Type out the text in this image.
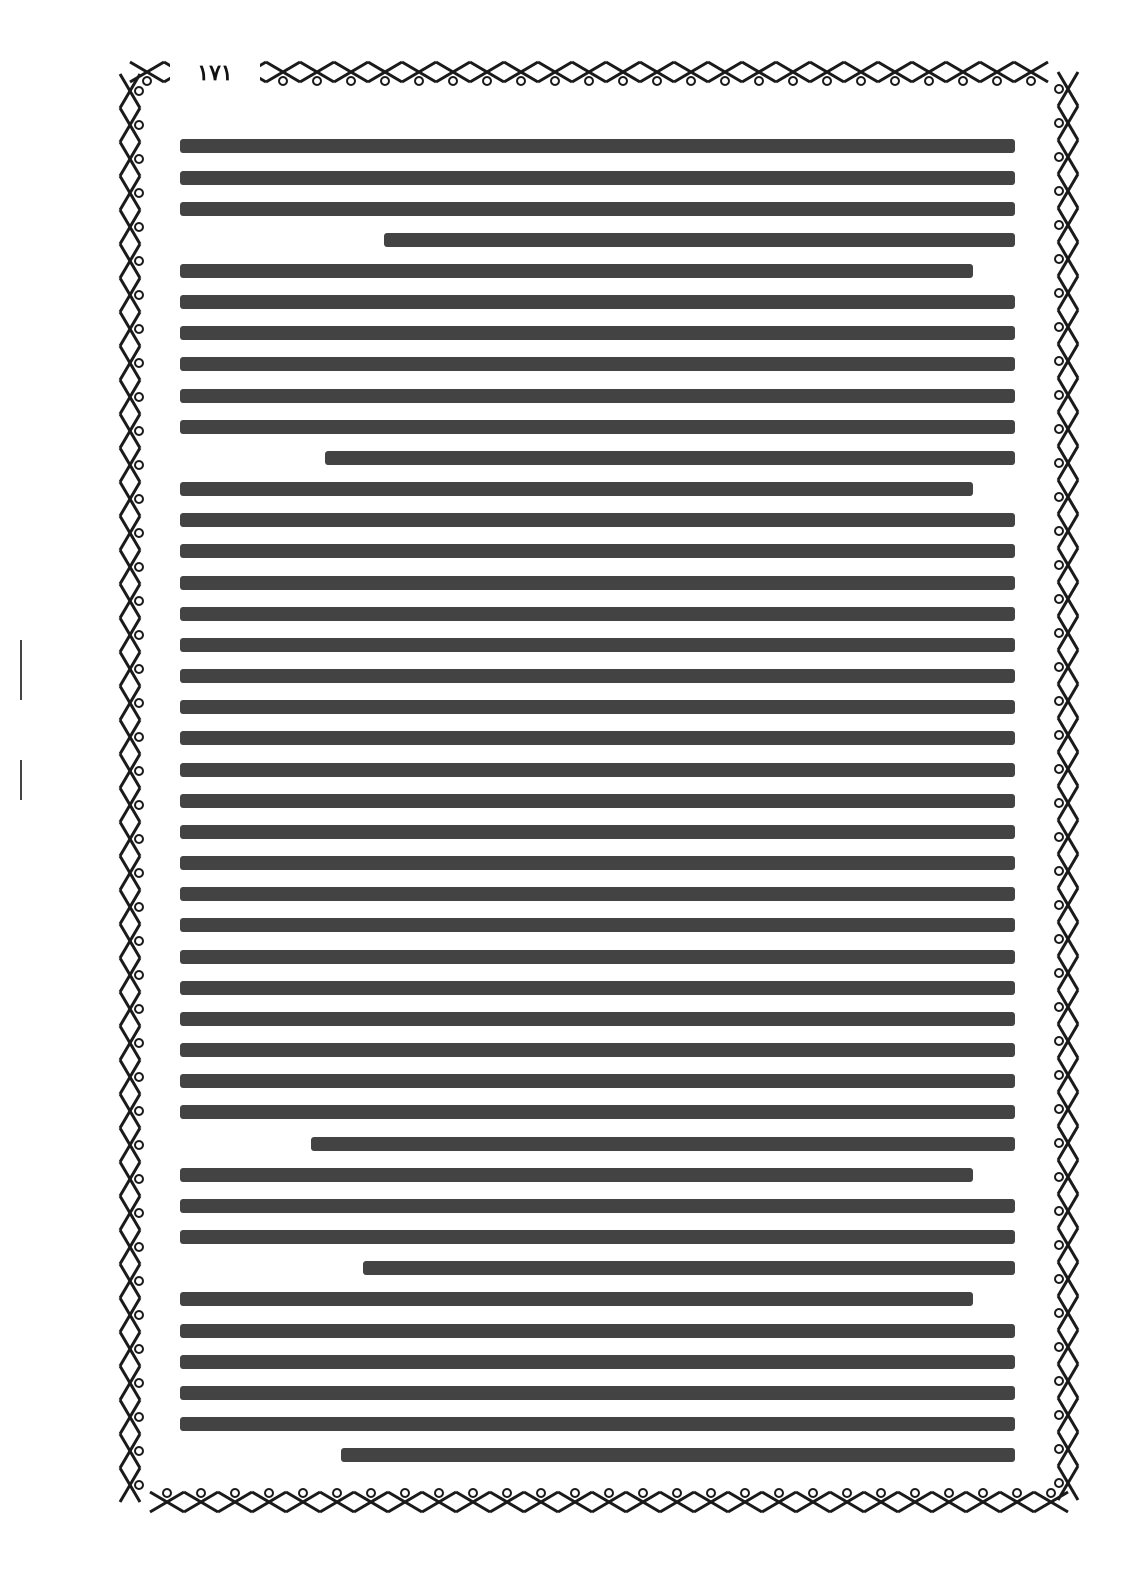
١٧١
